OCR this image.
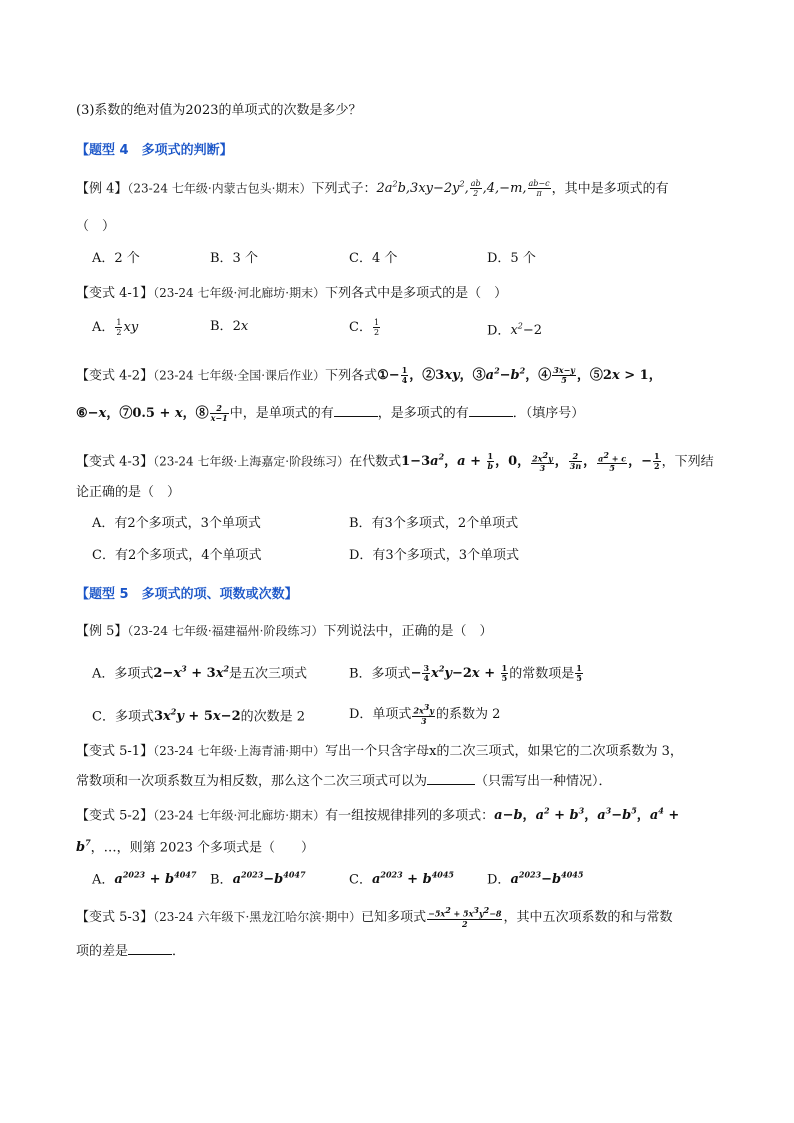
(3)系数的绝对值为2023的单项式的次数是多少？
【题型 4　多项式的判断】
【例 4】（23-24 七年级·内蒙古包头·期末）下列式子：$2a^2b,3xy-2y^2$, $\frac{ab}{2} ,4,-m$, $\frac{ab-c}{\pi}$ ，其中是多项式的有
（　）
A．2 个	B．3 个	C．4 个	D．5 个
【变式 4-1】（23-24 七年级·河北廊坊·期末）下列各式中是多项式的是（　）
A． $\frac{1}{2}$ xy	B．2x	C． $\frac{1}{2}$	D．$x^2-2$
【变式 4-2】（23-24 七年级·全国·课后作业）下列各式①− $\frac{1}{4}$ ，②3xy，$③a^2-b^2$，④ $\frac{3x-y}{5}$ ，⑤2x > 1，
⑥−x，⑦0.5 + x，⑧ $\frac{2}{x-1}$ 中，是单项式的有	，是多项式的有	．（填序号）
【变式 4-3】（23-24 七年级·上海嘉定·阶段练习）在代数式$1-3a^2$，$a + \frac{1}{b}$ ，0， $\frac{2x^2y}{3}$ ， $\frac{2}{3n}$ ， $\frac{a^2 + c}{5}$ ，− $\frac{1}{2}$ ，下列结
论正确的是（　）
A．有2个多项式，3个单项式	B．有3个多项式，2个单项式
C．有2个多项式，4个单项式	D．有3个多项式，3个单项式
【题型 5　多项式的项、项数或次数】
【例 5】（23-24 七年级·福建福州·阶段练习）下列说法中，正确的是（　）
A．多项式$2-x^3 + 3x^2$是五次三项式	B．多项式− $\frac{3}{4} x^2y-2x + \frac{1}{5}$ 的常数项是 $\frac{1}{5}$
C．多项式$3x^2y + 5x-2$的次数是 2	D．单项式 $\frac{2x^3y}{3}$ 的系数为 2
【变式 5-1】（23-24 七年级·上海青浦·期中）写出一个只含字母x的二次三项式，如果它的二次项系数为 3，
常数项和一次项系数互为相反数，那么这个二次三项式可以为	（只需写出一种情况）．
【变式 5-2】（23-24 七年级·河北廊坊·期末）有一组按规律排列的多项式：a−b，$a^2 + b^3$，$a^3-b^5$，$a^4$ +
$b^7$，…，则第 2023 个多项式是（　　）
A．$a^{2023} + b^{4047}$ B．$a^{2023}-b^{4047}$	C．$a^{2023} + b^{4045}$	D．$a^{2023}-b^{4045}$
【变式 5-3】（23-24 六年级下·黑龙江哈尔滨·期中）已知多项式 $\frac{-5x^2 + 5x^3y^2-8}{2}$ ，其中五次项系数的和与常数
项的差是	．
